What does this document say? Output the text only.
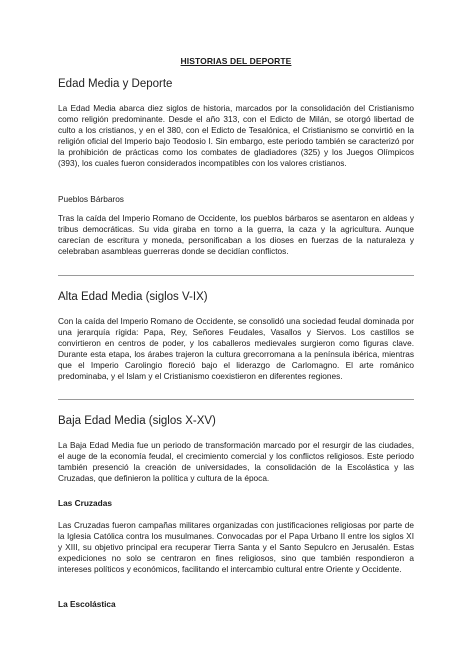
HISTORIAS DEL DEPORTE
Edad Media y Deporte
La Edad Media abarca diez siglos de historia, marcados por la consolidación del Cristianismo como religión predominante. Desde el año 313, con el Edicto de Milán, se otorgó libertad de culto a los cristianos, y en el 380, con el Edicto de Tesalónica, el Cristianismo se convirtió en la religión oficial del Imperio bajo Teodosio I. Sin embargo, este periodo también se caracterizó por la prohibición de prácticas como los combates de gladiadores (325) y los Juegos Olímpicos (393), los cuales fueron considerados incompatibles con los valores cristianos.
Pueblos Bárbaros
Tras la caída del Imperio Romano de Occidente, los pueblos bárbaros se asentaron en aldeas y tribus democráticas. Su vida giraba en torno a la guerra, la caza y la agricultura. Aunque carecían de escritura y moneda, personificaban a los dioses en fuerzas de la naturaleza y celebraban asambleas guerreras donde se decidían conflictos.
Alta Edad Media (siglos V-IX)
Con la caída del Imperio Romano de Occidente, se consolidó una sociedad feudal dominada por una jerarquía rígida: Papa, Rey, Señores Feudales, Vasallos y Siervos. Los castillos se convirtieron en centros de poder, y los caballeros medievales surgieron como figuras clave. Durante esta etapa, los árabes trajeron la cultura grecorromana a la península ibérica, mientras que el Imperio Carolingio floreció bajo el liderazgo de Carlomagno. El arte románico predominaba, y el Islam y el Cristianismo coexistieron en diferentes regiones.
Baja Edad Media (siglos X-XV)
La Baja Edad Media fue un periodo de transformación marcado por el resurgir de las ciudades, el auge de la economía feudal, el crecimiento comercial y los conflictos religiosos. Este periodo también presenció la creación de universidades, la consolidación de la Escolástica y las Cruzadas, que definieron la política y cultura de la época.
Las Cruzadas
Las Cruzadas fueron campañas militares organizadas con justificaciones religiosas por parte de la Iglesia Católica contra los musulmanes. Convocadas por el Papa Urbano II entre los siglos XI y XIII, su objetivo principal era recuperar Tierra Santa y el Santo Sepulcro en Jerusalén. Estas expediciones no solo se centraron en fines religiosos, sino que también respondieron a intereses políticos y económicos, facilitando el intercambio cultural entre Oriente y Occidente.
La Escolástica
